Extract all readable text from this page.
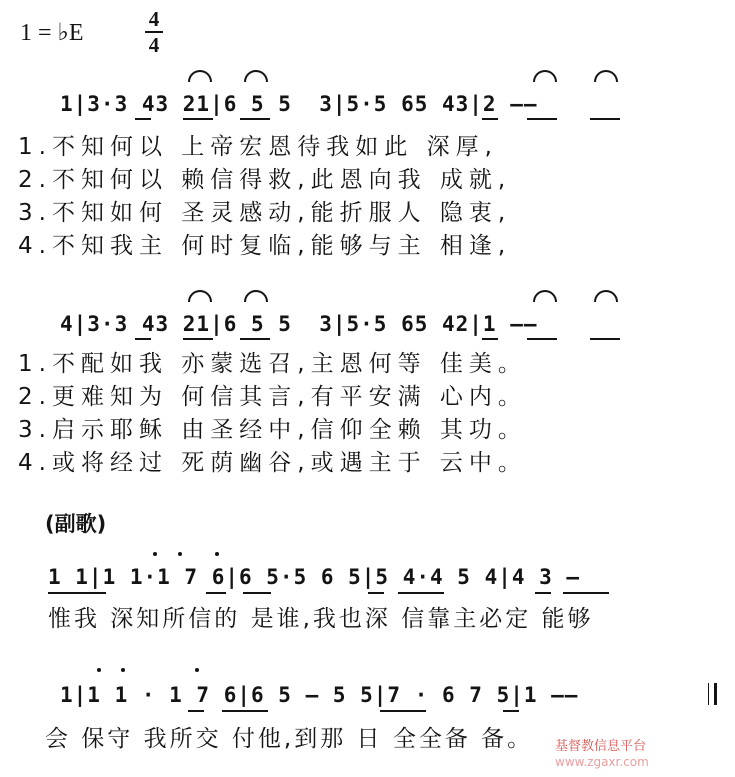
1 = ♭E
4
4
1|3·3 43 21|6 5 5  3|5·5 65 43|2 ——
1.不知何以 上帝宏恩待我如此 深厚,
2.不知何以 赖信得救,此恩向我 成就,
3.不知如何 圣灵感动,能折服人 隐衷,
4.不知我主 何时复临,能够与主 相逢,
4|3·3 43 21|6 5 5  3|5·5 65 42|1 ——
1.不配如我 亦蒙选召,主恩何等 佳美。
2.更难知为 何信其言,有平安满 心内。
3.启示耶稣 由圣经中,信仰全赖 其功。
4.或将经过 死荫幽谷,或遇主于 云中。
(副歌)
1 1|1 1·1 7 6|6 5·5 6 5|5 4·4 5 4|4 3 —
惟我 深知所信的 是谁,我也深 信靠主必定 能够
1|1 1 · 1 7 6|6 5 — 5 5|7 · 6 7 5|1 ——
会 保守 我所交 付他,到那 日 全全备 备。 基督教信息平台
www.zgaxr.com
